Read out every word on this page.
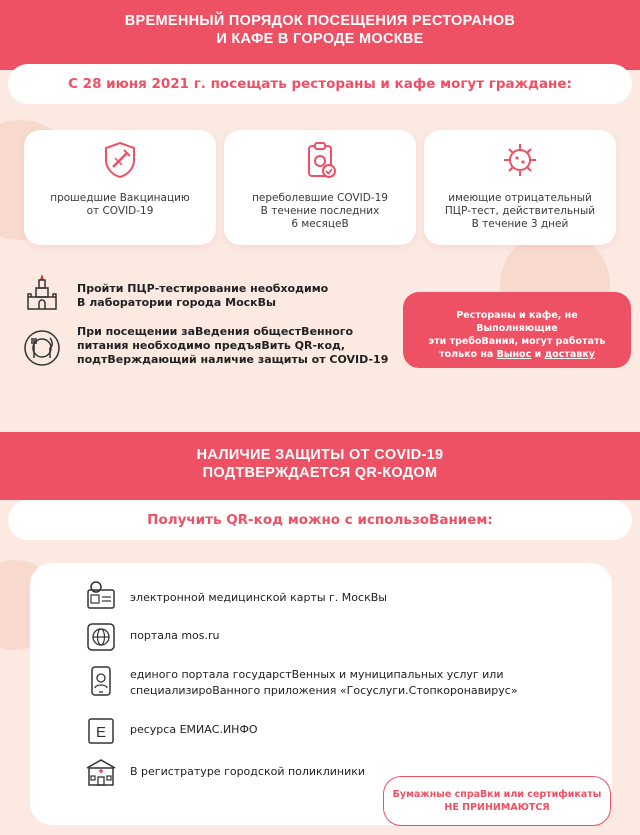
ВРЕМЕННЫЙ ПОРЯДОК ПОСЕЩЕНИЯ РЕСТОРАНОВ
И КАФЕ В ГОРОДЕ МОСКВЕ
С 28 июня 2021 г. посещать рестораны и кафе могут граждане:
прошедшие Вакцинацию
от COVID-19
переболевшие COVID-19
В течение последних
6 месяцеВ
имеющие отрицательный
ПЦР-тест, действительный
В течение 3 дней
Пройти ПЦР-тестирование необходимо
В лаборатории города МоскВы
При посещении заВедения общестВенного
питания необходимо предъяВить QR-код,
подтВерждающий наличие защиты от COVID-19
Рестораны и кафе, не Выполняющие
эти требоВания, могут работать
только на Вынос и доставку
НАЛИЧИЕ ЗАЩИТЫ ОТ COVID-19
ПОДТВЕРЖДАЕТСЯ QR-КОДОМ
Получить QR-код можно с использоВанием:
электронной медицинской карты г. МоскВы
портала mos.ru
единого портала государстВенных и муниципальных услуг или
специализироВанного приложения «Госуслуги.Стопкоронавирус»
E ресурса ЕМИАС.ИНФО
В регистратуре городской поликлиники
Бумажные спраВки или сертификаты
НЕ ПРИНИМАЮТСЯ
